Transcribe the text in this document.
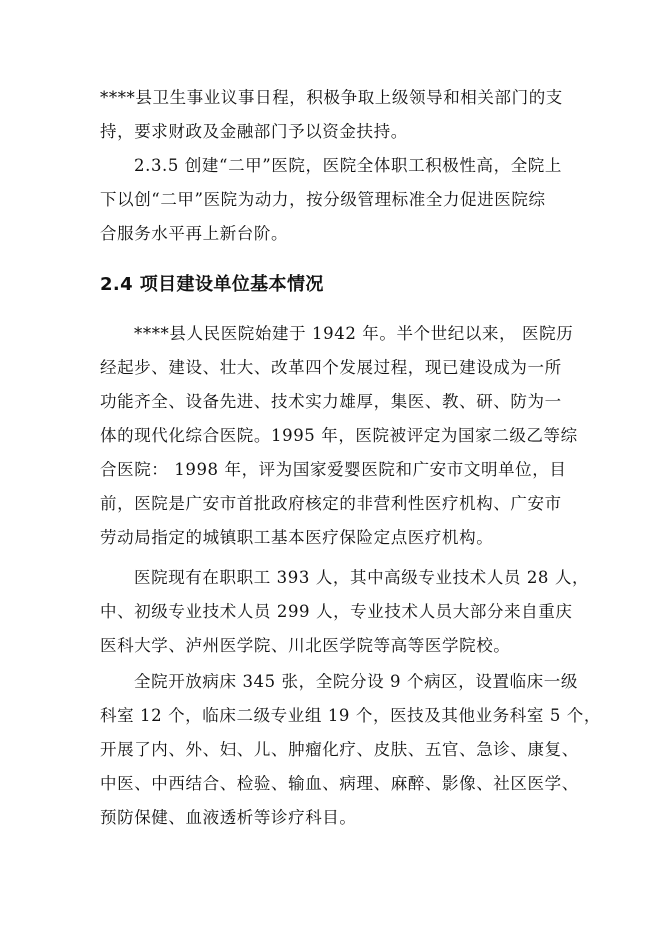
****县卫生事业议事日程，积极争取上级领导和相关部门的支
持，要求财政及金融部门予以资金扶持。
2.3.5 创建“二甲”医院，医院全体职工积极性高，全院上
下以创“二甲”医院为动力，按分级管理标准全力促进医院综
合服务水平再上新台阶。
2.4 项目建设单位基本情况
****县人民医院始建于 1942 年。半个世纪以来， 医院历
经起步、建设、壮大、改革四个发展过程，现已建设成为一所
功能齐全、设备先进、技术实力雄厚，集医、教、研、防为一
体的现代化综合医院。1995 年，医院被评定为国家二级乙等综
合医院： 1998 年，评为国家爱婴医院和广安市文明单位，目
前，医院是广安市首批政府核定的非营利性医疗机构、广安市
劳动局指定的城镇职工基本医疗保险定点医疗机构。
医院现有在职职工 393 人，其中高级专业技术人员 28 人，
中、初级专业技术人员 299 人，专业技术人员大部分来自重庆
医科大学、泸州医学院、川北医学院等高等医学院校。
全院开放病床 345 张，全院分设 9 个病区，设置临床一级
科室 12 个，临床二级专业组 19 个，医技及其他业务科室 5 个，
开展了内、外、妇、儿、肿瘤化疗、皮肤、五官、急诊、康复、
中医、中西结合、检验、输血、病理、麻醉、影像、社区医学、
预防保健、血液透析等诊疗科目。
